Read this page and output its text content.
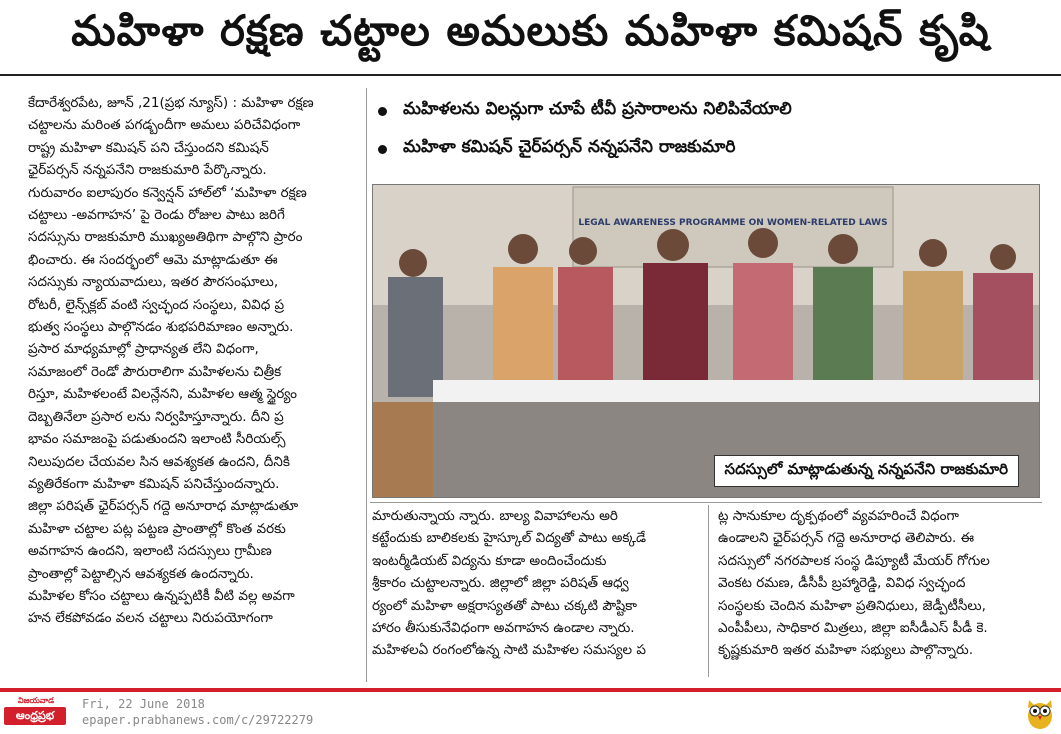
మహిళా రక్షణ చట్టాల అమలుకు మహిళా కమిషన్ కృషి

కేదారేశ్వరపేట, జూన్ ,21(ప్రభ న్యూస్) : మహిళా రక్షణ

చట్టాలను మరింత పగడ్బందీగా అమలు పరిచేవిధంగా

రాష్ట్ర మహిళా కమిషన్ పని చేస్తుందని కమిషన్

ఛైర్‌పర్సన్ నన్నపనేని రాజకుమారి పేర్కొన్నారు.

గురువారం ఐలాపురం కన్వెన్షన్ హాల్‌లో ‘మహిళా రక్షణ

చట్టాలు -అవగాహన’ పై రెండు రోజుల పాటు జరిగే

సదస్సును రాజకుమారి ముఖ్యఅతిథిగా పాల్గొని ప్రారం

భించారు. ఈ సందర్భంలో ఆమె మాట్లాడుతూ ఈ

సదస్సుకు న్యాయవాదులు, ఇతర పౌరసంఘాలు,

రోటరీ, లైన్స్‌క్లబ్ వంటి స్వచ్ఛంద సంస్థలు, వివిధ ప్ర

భుత్వ సంస్థలు పాల్గొనడం శుభపరిమాణం అన్నారు.

ప్రసార మాధ్యమాల్లో ప్రాధాన్యత లేని విధంగా,

సమాజంలో రెండో పౌరురాలిగా మహిళలను చిత్రీక

రిస్తూ, మహిళలంటే విలన్లేనని, మహిళల ఆత్మ స్థైర్యం

దెబ్బతినేలా ప్రసార లను నిర్వహిస్తూన్నారు. దీని ప్ర

భావం సమాజంపై పడుతుందని ఇలాంటి సీరియల్స్

నిలుపుదల చేయవల సిన ఆవశ్యకత ఉందని, దీనికి

వ్యతిరేకంగా మహిళా కమిషన్ పనిచేస్తుందన్నారు.

జిల్లా పరిషత్ ఛైర్‌పర్సన్ గద్దె అనూరాధ మాట్లాడుతూ

మహిళా చట్టాల పట్ల పట్టణ ప్రాంతాల్లో కొంత వరకు

అవగాహన ఉందని, ఇలాంటి సదస్సులు గ్రామీణ

ప్రాంతాల్లో పెట్టాల్సిన ఆవశ్యకత ఉందన్నారు.

మహిళల కోసం చట్టాలు ఉన్నప్పటికీ వీటి వల్ల అవగా

హన లేకపోవడం వలన చట్టాలు నిరుపయోగంగా

మహిళలను విలన్లుగా చూపే టీవీ ప్రసారాలను నిలిపివేయాలి
మహిళా కమిషన్ చైర్‌పర్సన్ నన్నపనేని రాజకుమారి
LEGAL AWARENESS PROGRAMME ON WOMEN-RELATED LAWS
సదస్సులో మాట్లాడుతున్న నన్నపనేని రాజకుమారి

మారుతున్నాయ న్నారు. బాల్య వివాహాలను అరి

కట్టేందుకు బాలికలకు హైస్కూల్ విద్యతో పాటు అక్కడే

ఇంటర్మీడియట్ విద్యను కూడా అందించేందుకు

శ్రీకారం చుట్టాలన్నారు. జిల్లాలో జిల్లా పరిషత్ ఆధ్వ

ర్యంలో మహిళా అక్షరాస్యతతో పాటు చక్కటి పౌష్టికా

హారం తీసుకునేవిధంగా అవగాహన ఉండాల న్నారు.

మహిళలఏ రంగంలోఉన్న సాటి మహిళల సమస్యల ప

ట్ల సానుకూల దృక్పథంలో వ్యవహరించే విధంగా

ఉండాలని ఛైర్‌పర్సన్ గద్దె అనూరాధ తెలిపారు. ఈ

సదస్సులో నగరపాలక సంస్థ డిప్యూటీ మేయర్ గోగుల

వెంకట రమణ, డీసీపీ బ్రహ్మారెడ్డి, వివిధ స్వచ్ఛంద

సంస్థలకు చెందిన మహిళా ప్రతినిధులు, జెడ్పీటీసీలు,

ఎంపీపీలు, సాధికార మిత్రలు, జిల్లా ఐసీడీఎస్ పీడీ కె.

కృష్ణకుమారి ఇతర మహిళా సభ్యులు పాల్గొన్నారు.

విజయవాడ
ఆంధ్రప్రభ
Fri, 22 June 2018
epaper.prabhanews.com/c/29722279
